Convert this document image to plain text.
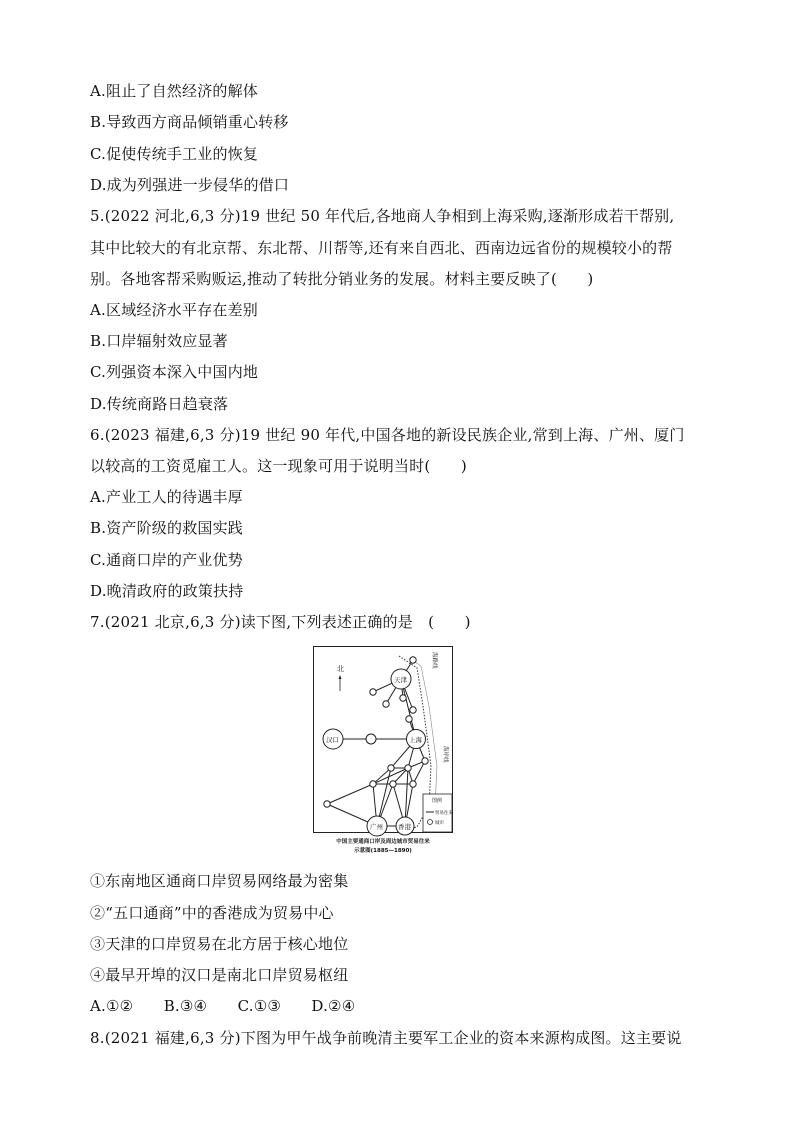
A.阻止了自然经济的解体
B.导致西方商品倾销重心转移
C.促使传统手工业的恢复
D.成为列强进一步侵华的借口
5.(2022 河北,6,3 分)19 世纪 50 年代后,各地商人争相到上海采购,逐渐形成若干帮别,
其中比较大的有北京帮、东北帮、川帮等,还有来自西北、西南边远省份的规模较小的帮
别。各地客帮采购贩运,推动了转批分销业务的发展。材料主要反映了(　　)
A.区域经济水平存在差别
B.口岸辐射效应显著
C.列强资本深入中国内地
D.传统商路日趋衰落
6.(2023 福建,6,3 分)19 世纪 90 年代,中国各地的新设民族企业,常到上海、广州、厦门
以较高的工资觅雇工人。这一现象可用于说明当时(　　)
A.产业工人的待遇丰厚
B.资产阶级的救国实践
C.通商口岸的产业优势
D.晚清政府的政策扶持
7.(2021 北京,6,3 分)读下图,下列表述正确的是　(　　)
北
天津
汉口	上海
广州 香港
海路线
海岸线
图例
贸易往来
城市
中国主要通商口岸及周边城市贸易往来
示意图(1885—1890)
①东南地区通商口岸贸易网络最为密集
②“五口通商”中的香港成为贸易中心
③天津的口岸贸易在北方居于核心地位
④最早开埠的汉口是南北口岸贸易枢纽
A.①②　　B.③④　　C.①③　　D.②④
8.(2021 福建,6,3 分)下图为甲午战争前晚清主要军工企业的资本来源构成图。这主要说
